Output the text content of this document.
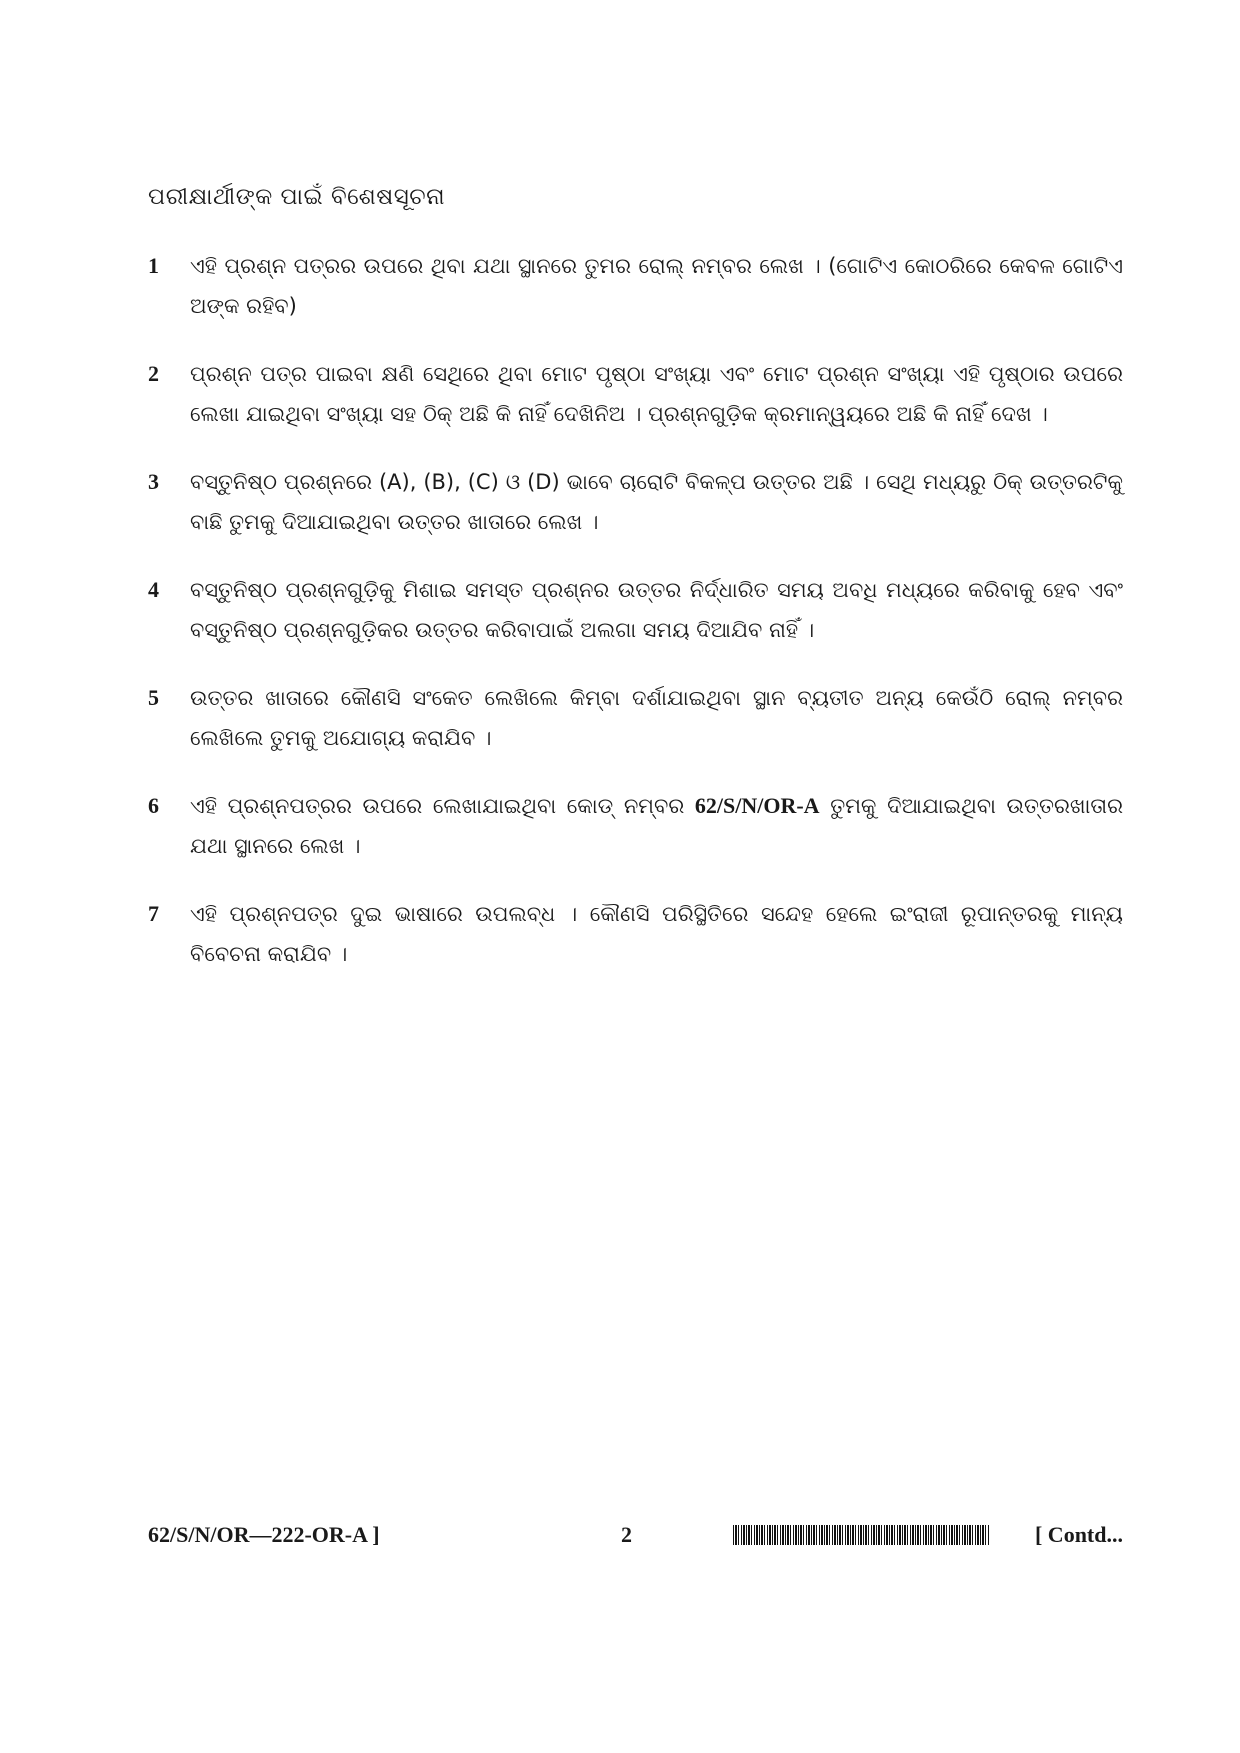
ପରୀକ୍ଷାର୍ଥୀଙ୍କ ପାଇଁ ବିଶେଷସୂଚନା
1	ଏହି ପ୍ରଶ୍ନ ପତ୍ରର ଉପରେ ଥିବା ଯଥା ସ୍ଥାନରେ ତୁମର ରୋଲ୍ ନମ୍ବର ଲେଖ । (ଗୋଟିଏ କୋଠରିରେ କେବଳ ଗୋଟିଏ ଅଙ୍କ ରହିବ)
2	ପ୍ରଶ୍ନ ପତ୍ର ପାଇବା କ୍ଷଣି ସେଥିରେ ଥିବା ମୋଟ ପୃଷ୍ଠା ସଂଖ୍ୟା ଏବଂ ମୋଟ ପ୍ରଶ୍ନ ସଂଖ୍ୟା ଏହି ପୃଷ୍ଠାର ଉପରେ ଲେଖା ଯାଇଥିବା ସଂଖ୍ୟା ସହ ଠିକ୍ ଅଛି କି ନାହିଁ ଦେଖିନିଅ । ପ୍ରଶ୍ନଗୁଡ଼ିକ କ୍ରମାନ୍ୱୟରେ ଅଛି କି ନାହିଁ ଦେଖ ।
3	ବସ୍ତୁନିଷ୍ଠ ପ୍ରଶ୍ନରେ (A), (B), (C) ଓ (D) ଭାବେ ଚାରୋଟି ବିକଳ୍ପ ଉତ୍ତର ଅଛି । ସେଥି ମଧ୍ୟରୁ ଠିକ୍ ଉତ୍ତରଟିକୁ ବାଛି ତୁମକୁ ଦିଆଯାଇଥିବା ଉତ୍ତର ଖାତାରେ ଲେଖ ।
4	ବସ୍ତୁନିଷ୍ଠ ପ୍ରଶ୍ନଗୁଡ଼ିକୁ ମିଶାଇ ସମସ୍ତ ପ୍ରଶ୍ନର ଉତ୍ତର ନିର୍ଦ୍ଧାରିତ ସମୟ ଅବଧି ମଧ୍ୟରେ କରିବାକୁ ହେବ ଏବଂ ବସ୍ତୁନିଷ୍ଠ ପ୍ରଶ୍ନଗୁଡ଼ିକର ଉତ୍ତର କରିବାପାଇଁ ଅଲଗା ସମୟ ଦିଆଯିବ ନାହିଁ ।
5	ଉତ୍ତର ଖାତାରେ କୌଣସି ସଂକେତ ଲେଖିଲେ କିମ୍ବା ଦର୍ଶାଯାଇଥିବା ସ୍ଥାନ ବ୍ୟତୀତ ଅନ୍ୟ କେଉଁଠି ରୋଲ୍ ନମ୍ବର ଲେଖିଲେ ତୁମକୁ ଅଯୋଗ୍ୟ କରାଯିବ ।
6	ଏହି ପ୍ରଶ୍ନପତ୍ରର ଉପରେ ଲେଖାଯାଇଥିବା କୋଡ୍ ନମ୍ବର 62/S/N/OR-A ତୁମକୁ ଦିଆଯାଇଥିବା ଉତ୍ତରଖାତାର ଯଥା ସ୍ଥାନରେ ଲେଖ ।
7	ଏହି ପ୍ରଶ୍ନପତ୍ର ଦୁଇ ଭାଷାରେ ଉପଲବ୍ଧ । କୌଣସି ପରିସ୍ଥିତିରେ ସନ୍ଦେହ ହେଲେ ଇଂରାଜୀ ରୂପାନ୍ତରକୁ ମାନ୍ୟ ବିବେଚନା କରାଯିବ ।
62/S/N/OR—222-OR-A ]	2	[ Contd...
